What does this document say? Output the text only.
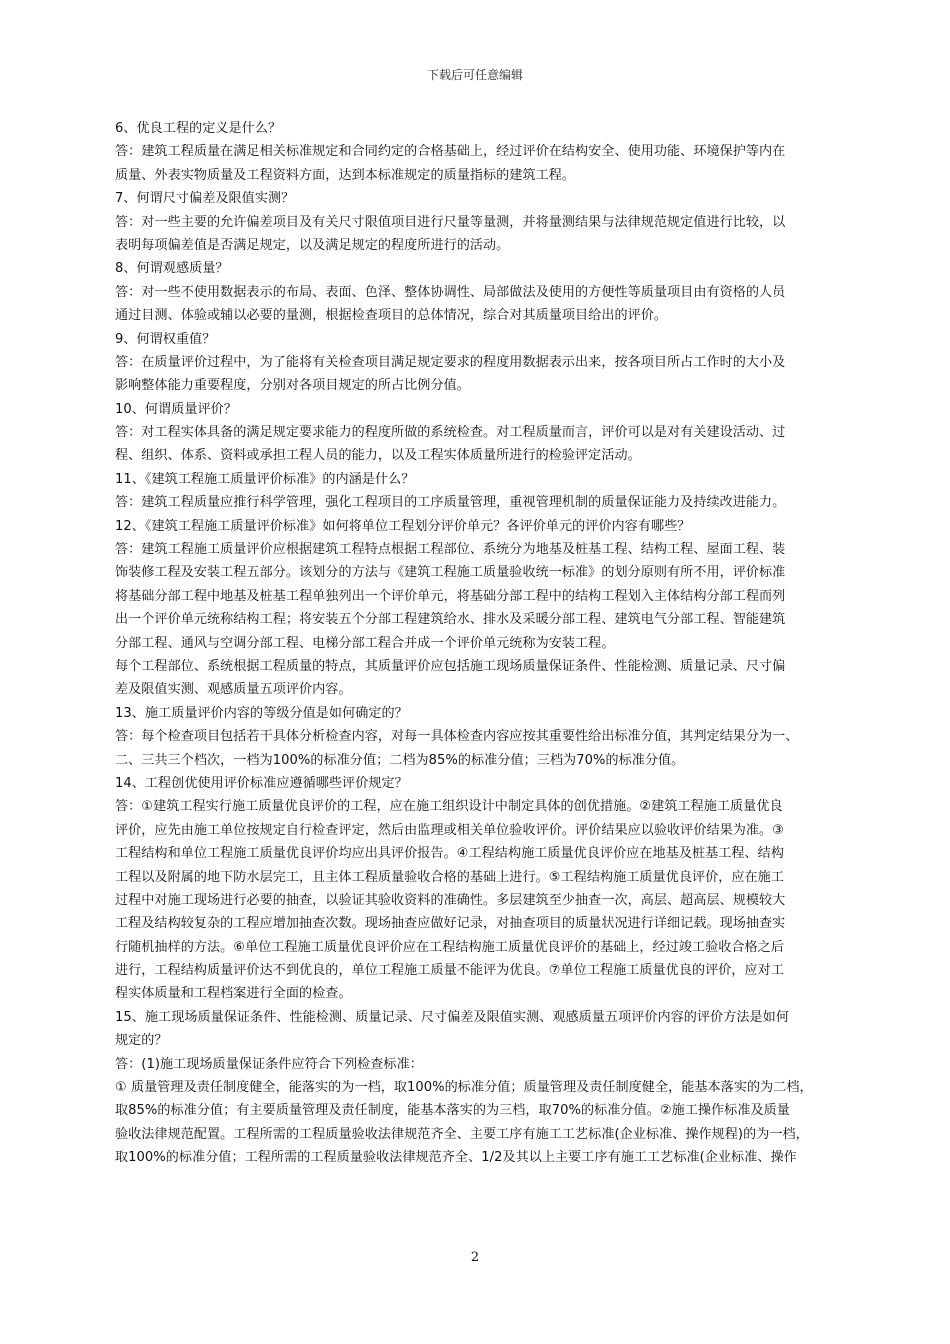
下载后可任意编辑
6、优良工程的定义是什么？
答：建筑工程质量在满足相关标准规定和合同约定的合格基础上，经过评价在结构安全、使用功能、环境保护等内在
质量、外表实物质量及工程资料方面，达到本标准规定的质量指标的建筑工程。
7、何谓尺寸偏差及限值实测？
答：对一些主要的允许偏差项目及有关尺寸限值项目进行尺量等量测，并将量测结果与法律规范规定值进行比较，以
表明每项偏差值是否满足规定，以及满足规定的程度所进行的活动。
8、何谓观感质量？
答：对一些不使用数据表示的布局、表面、色泽、整体协调性、局部做法及使用的方便性等质量项目由有资格的人员
通过目测、体验或辅以必要的量测，根据检查项目的总体情况，综合对其质量项目给出的评价。
9、何谓权重值？
答：在质量评价过程中，为了能将有关检查项目满足规定要求的程度用数据表示出来，按各项目所占工作时的大小及
影响整体能力重要程度，分别对各项目规定的所占比例分值。
10、何谓质量评价？
答：对工程实体具备的满足规定要求能力的程度所做的系统检查。对工程质量而言，评价可以是对有关建设活动、过
程、组织、体系、资料或承担工程人员的能力，以及工程实体质量所进行的检验评定活动。
11、《建筑工程施工质量评价标准》的内涵是什么？
答：建筑工程质量应推行科学管理，强化工程项目的工序质量管理，重视管理机制的质量保证能力及持续改进能力。
12、《建筑工程施工质量评价标准》如何将单位工程划分评价单元？各评价单元的评价内容有哪些？
答：建筑工程施工质量评价应根据建筑工程特点根据工程部位、系统分为地基及桩基工程、结构工程、屋面工程、装
饰装修工程及安装工程五部分。该划分的方法与《建筑工程施工质量验收统一标准》的划分原则有所不用，评价标准
将基础分部工程中地基及桩基工程单独列出一个评价单元，将基础分部工程中的结构工程划入主体结构分部工程而列
出一个评价单元统称结构工程；将安装五个分部工程建筑给水、排水及采暖分部工程、建筑电气分部工程、智能建筑
分部工程、通风与空调分部工程、电梯分部工程合并成一个评价单元统称为安装工程。
每个工程部位、系统根据工程质量的特点，其质量评价应包括施工现场质量保证条件、性能检测、质量记录、尺寸偏
差及限值实测、观感质量五项评价内容。
13、施工质量评价内容的等级分值是如何确定的？
答：每个检查项目包括若干具体分析检查内容，对每一具体检查内容应按其重要性给出标准分值，其判定结果分为一、
二、三共三个档次，一档为100%的标准分值；二档为85%的标准分值；三档为70%的标准分值。
14、工程创优使用评价标准应遵循哪些评价规定？
答：①建筑工程实行施工质量优良评价的工程，应在施工组织设计中制定具体的创优措施。②建筑工程施工质量优良
评价，应先由施工单位按规定自行检查评定，然后由监理或相关单位验收评价。评价结果应以验收评价结果为准。③
工程结构和单位工程施工质量优良评价均应出具评价报告。④工程结构施工质量优良评价应在地基及桩基工程、结构
工程以及附属的地下防水层完工，且主体工程质量验收合格的基础上进行。⑤工程结构施工质量优良评价，应在施工
过程中对施工现场进行必要的抽查，以验证其验收资料的准确性。多层建筑至少抽查一次，高层、超高层、规模较大
工程及结构较复杂的工程应增加抽查次数。现场抽查应做好记录，对抽查项目的质量状况进行详细记载。现场抽查实
行随机抽样的方法。⑥单位工程施工质量优良评价应在工程结构施工质量优良评价的基础上，经过竣工验收合格之后
进行，工程结构质量评价达不到优良的，单位工程施工质量不能评为优良。⑦单位工程施工质量优良的评价，应对工
程实体质量和工程档案进行全面的检查。
15、施工现场质量保证条件、性能检测、质量记录、尺寸偏差及限值实测、观感质量五项评价内容的评价方法是如何
规定的？
答：(1)施工现场质量保证条件应符合下列检查标准：
① 质量管理及责任制度健全，能落实的为一档，取100%的标准分值；质量管理及责任制度健全，能基本落实的为二档，
取85%的标准分值；有主要质量管理及责任制度，能基本落实的为三档，取70%的标准分值。②施工操作标准及质量
验收法律规范配置。工程所需的工程质量验收法律规范齐全、主要工序有施工工艺标准(企业标准、操作规程)的为一档，
取100%的标准分值；工程所需的工程质量验收法律规范齐全、1/2及其以上主要工序有施工工艺标准(企业标准、操作
2
